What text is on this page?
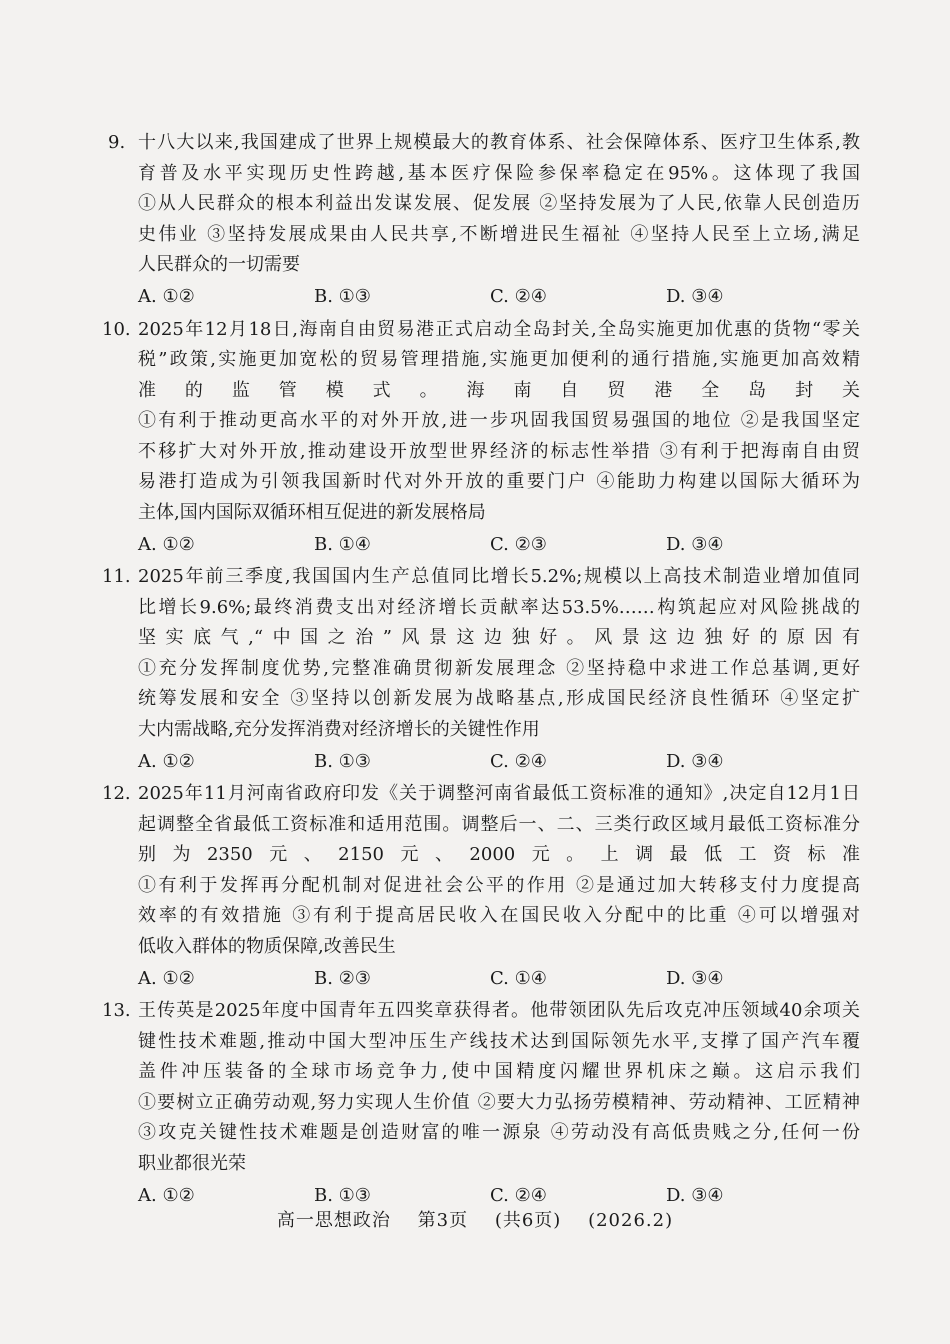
9. 十八大以来,我国建成了世界上规模最大的教育体系、社会保障体系、医疗卫生体系,教

育普及水平实现历史性跨越,基本医疗保险参保率稳定在95%。这体现了我国

①从人民群众的根本利益出发谋发展、促发展 ②坚持发展为了人民,依靠人民创造历

史伟业 ③坚持发展成果由人民共享,不断增进民生福祉 ④坚持人民至上立场,满足

人民群众的一切需要

A. ①②	B. ①③	C. ②④	D. ③④

10. 2025年12月18日,海南自由贸易港正式启动全岛封关,全岛实施更加优惠的货物“零关

税”政策,实施更加宽松的贸易管理措施,实施更加便利的通行措施,实施更加高效精

准的监管模式。海南自贸港全岛封关

①有利于推动更高水平的对外开放,进一步巩固我国贸易强国的地位 ②是我国坚定

不移扩大对外开放,推动建设开放型世界经济的标志性举措 ③有利于把海南自由贸

易港打造成为引领我国新时代对外开放的重要门户 ④能助力构建以国际大循环为

主体,国内国际双循环相互促进的新发展格局

A. ①②	B. ①④	C. ②③	D. ③④

11. 2025年前三季度,我国国内生产总值同比增长5.2%;规模以上高技术制造业增加值同

比增长9.6%;最终消费支出对经济增长贡献率达53.5%……构筑起应对风险挑战的

坚实底气,“中国之治”风景这边独好。风景这边独好的原因有

①充分发挥制度优势,完整准确贯彻新发展理念 ②坚持稳中求进工作总基调,更好

统筹发展和安全 ③坚持以创新发展为战略基点,形成国民经济良性循环 ④坚定扩

大内需战略,充分发挥消费对经济增长的关键性作用

A. ①②	B. ①③	C. ②④	D. ③④

12. 2025年11月河南省政府印发《关于调整河南省最低工资标准的通知》,决定自12月1日

起调整全省最低工资标准和适用范围。调整后一、二、三类行政区域月最低工资标准分

别为2350元、2150元、2000元。上调最低工资标准

①有利于发挥再分配机制对促进社会公平的作用 ②是通过加大转移支付力度提高

效率的有效措施 ③有利于提高居民收入在国民收入分配中的比重 ④可以增强对

低收入群体的物质保障,改善民生

A. ①②	B. ②③	C. ①④	D. ③④

13. 王传英是2025年度中国青年五四奖章获得者。他带领团队先后攻克冲压领域40余项关

键性技术难题,推动中国大型冲压生产线技术达到国际领先水平,支撑了国产汽车覆

盖件冲压装备的全球市场竞争力,使中国精度闪耀世界机床之巅。这启示我们

①要树立正确劳动观,努力实现人生价值 ②要大力弘扬劳模精神、劳动精神、工匠精神

③攻克关键性技术难题是创造财富的唯一源泉 ④劳动没有高低贵贱之分,任何一份

职业都很光荣

A. ①②	B. ①③	C. ②④	D. ③④
高一思想政治 第3页 (共6页) (2026.2)
